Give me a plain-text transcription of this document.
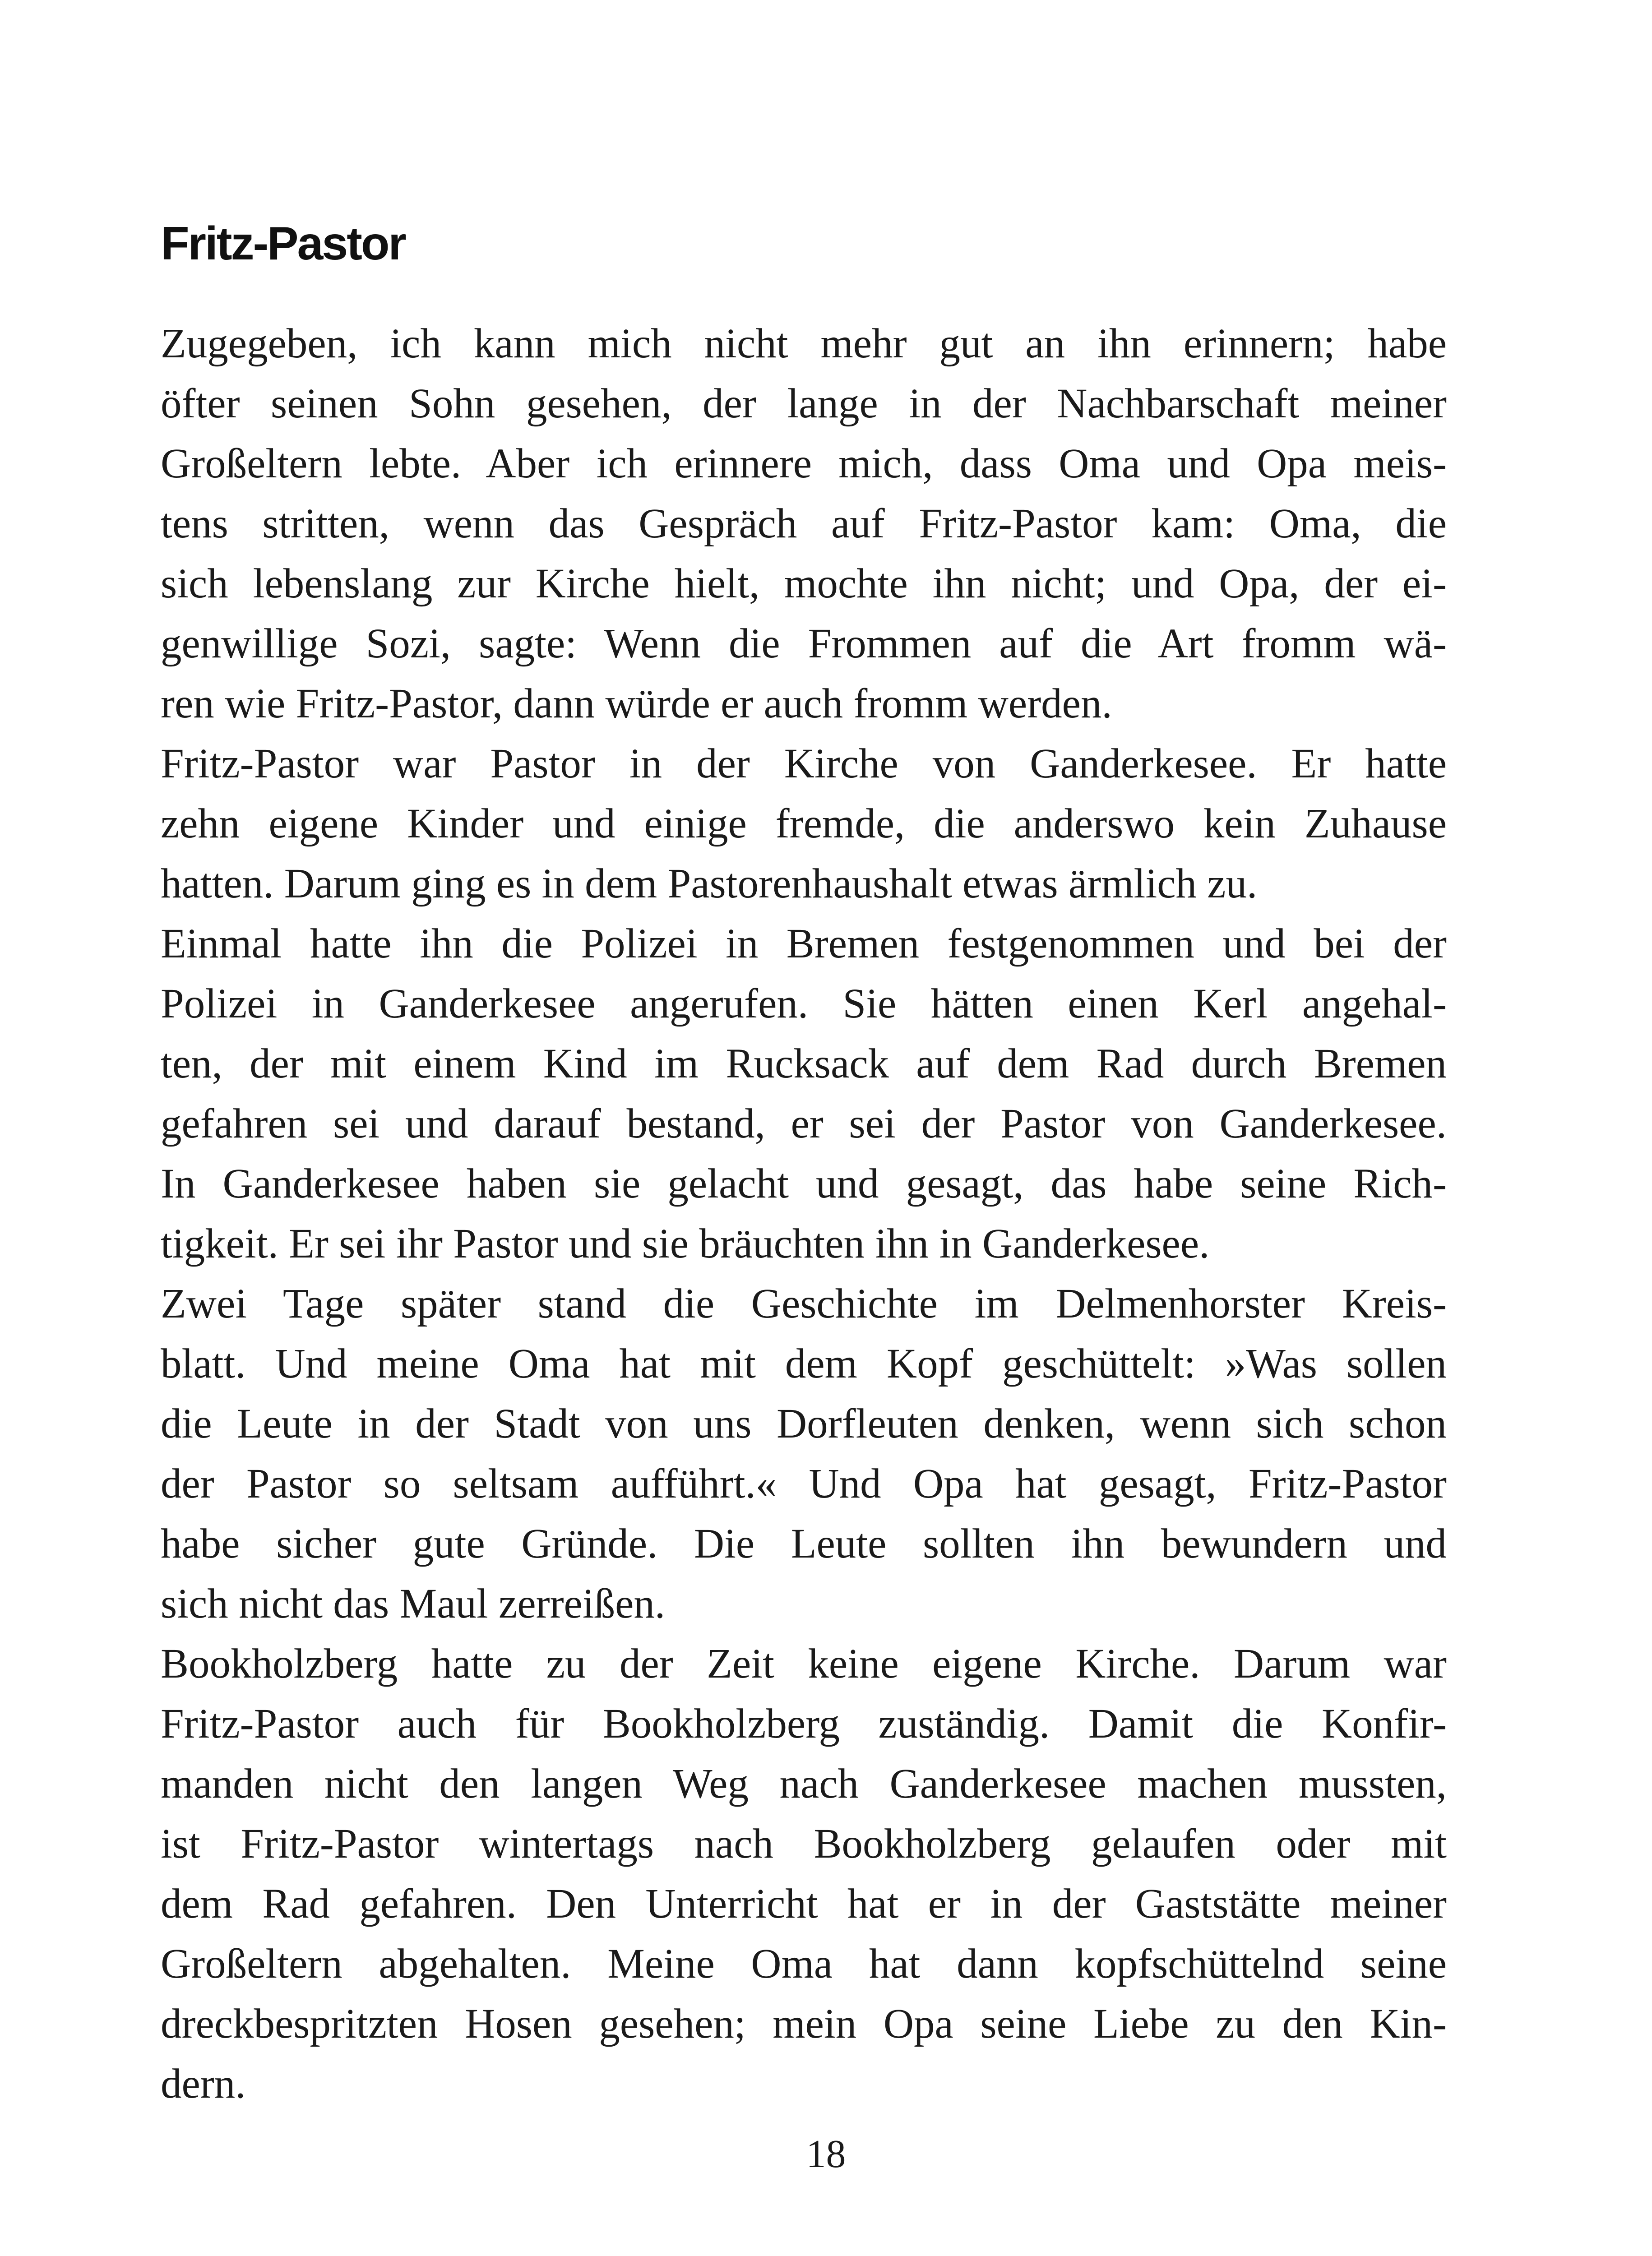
Fritz-Pastor
Zugegeben, ich kann mich nicht mehr gut an ihn erinnern; habe
öfter seinen Sohn gesehen, der lange in der Nachbarschaft meiner
Großeltern lebte. Aber ich erinnere mich, dass Oma und Opa meis-
tens stritten, wenn das Gespräch auf Fritz-Pastor kam: Oma, die
sich lebenslang zur Kirche hielt, mochte ihn nicht; und Opa, der ei-
genwillige Sozi, sagte: Wenn die Frommen auf die Art fromm wä-
ren wie Fritz-Pastor, dann würde er auch fromm werden.
Fritz-Pastor war Pastor in der Kirche von Ganderkesee. Er hatte
zehn eigene Kinder und einige fremde, die anderswo kein Zuhause
hatten. Darum ging es in dem Pastorenhaushalt etwas ärmlich zu.
Einmal hatte ihn die Polizei in Bremen festgenommen und bei der
Polizei in Ganderkesee angerufen. Sie hätten einen Kerl angehal-
ten, der mit einem Kind im Rucksack auf dem Rad durch Bremen
gefahren sei und darauf bestand, er sei der Pastor von Ganderkesee.
In Ganderkesee haben sie gelacht und gesagt, das habe seine Rich-
tigkeit. Er sei ihr Pastor und sie bräuchten ihn in Ganderkesee.
Zwei Tage später stand die Geschichte im Delmenhorster Kreis-
blatt. Und meine Oma hat mit dem Kopf geschüttelt: »Was sollen
die Leute in der Stadt von uns Dorfleuten denken, wenn sich schon
der Pastor so seltsam aufführt.« Und Opa hat gesagt, Fritz-Pastor
habe sicher gute Gründe. Die Leute sollten ihn bewundern und
sich nicht das Maul zerreißen.
Bookholzberg hatte zu der Zeit keine eigene Kirche. Darum war
Fritz-Pastor auch für Bookholzberg zuständig. Damit die Konfir-
manden nicht den langen Weg nach Ganderkesee machen mussten,
ist Fritz-Pastor wintertags nach Bookholzberg gelaufen oder mit
dem Rad gefahren. Den Unterricht hat er in der Gaststätte meiner
Großeltern abgehalten. Meine Oma hat dann kopfschüttelnd seine
dreckbespritzten Hosen gesehen; mein Opa seine Liebe zu den Kin-
dern.
18
